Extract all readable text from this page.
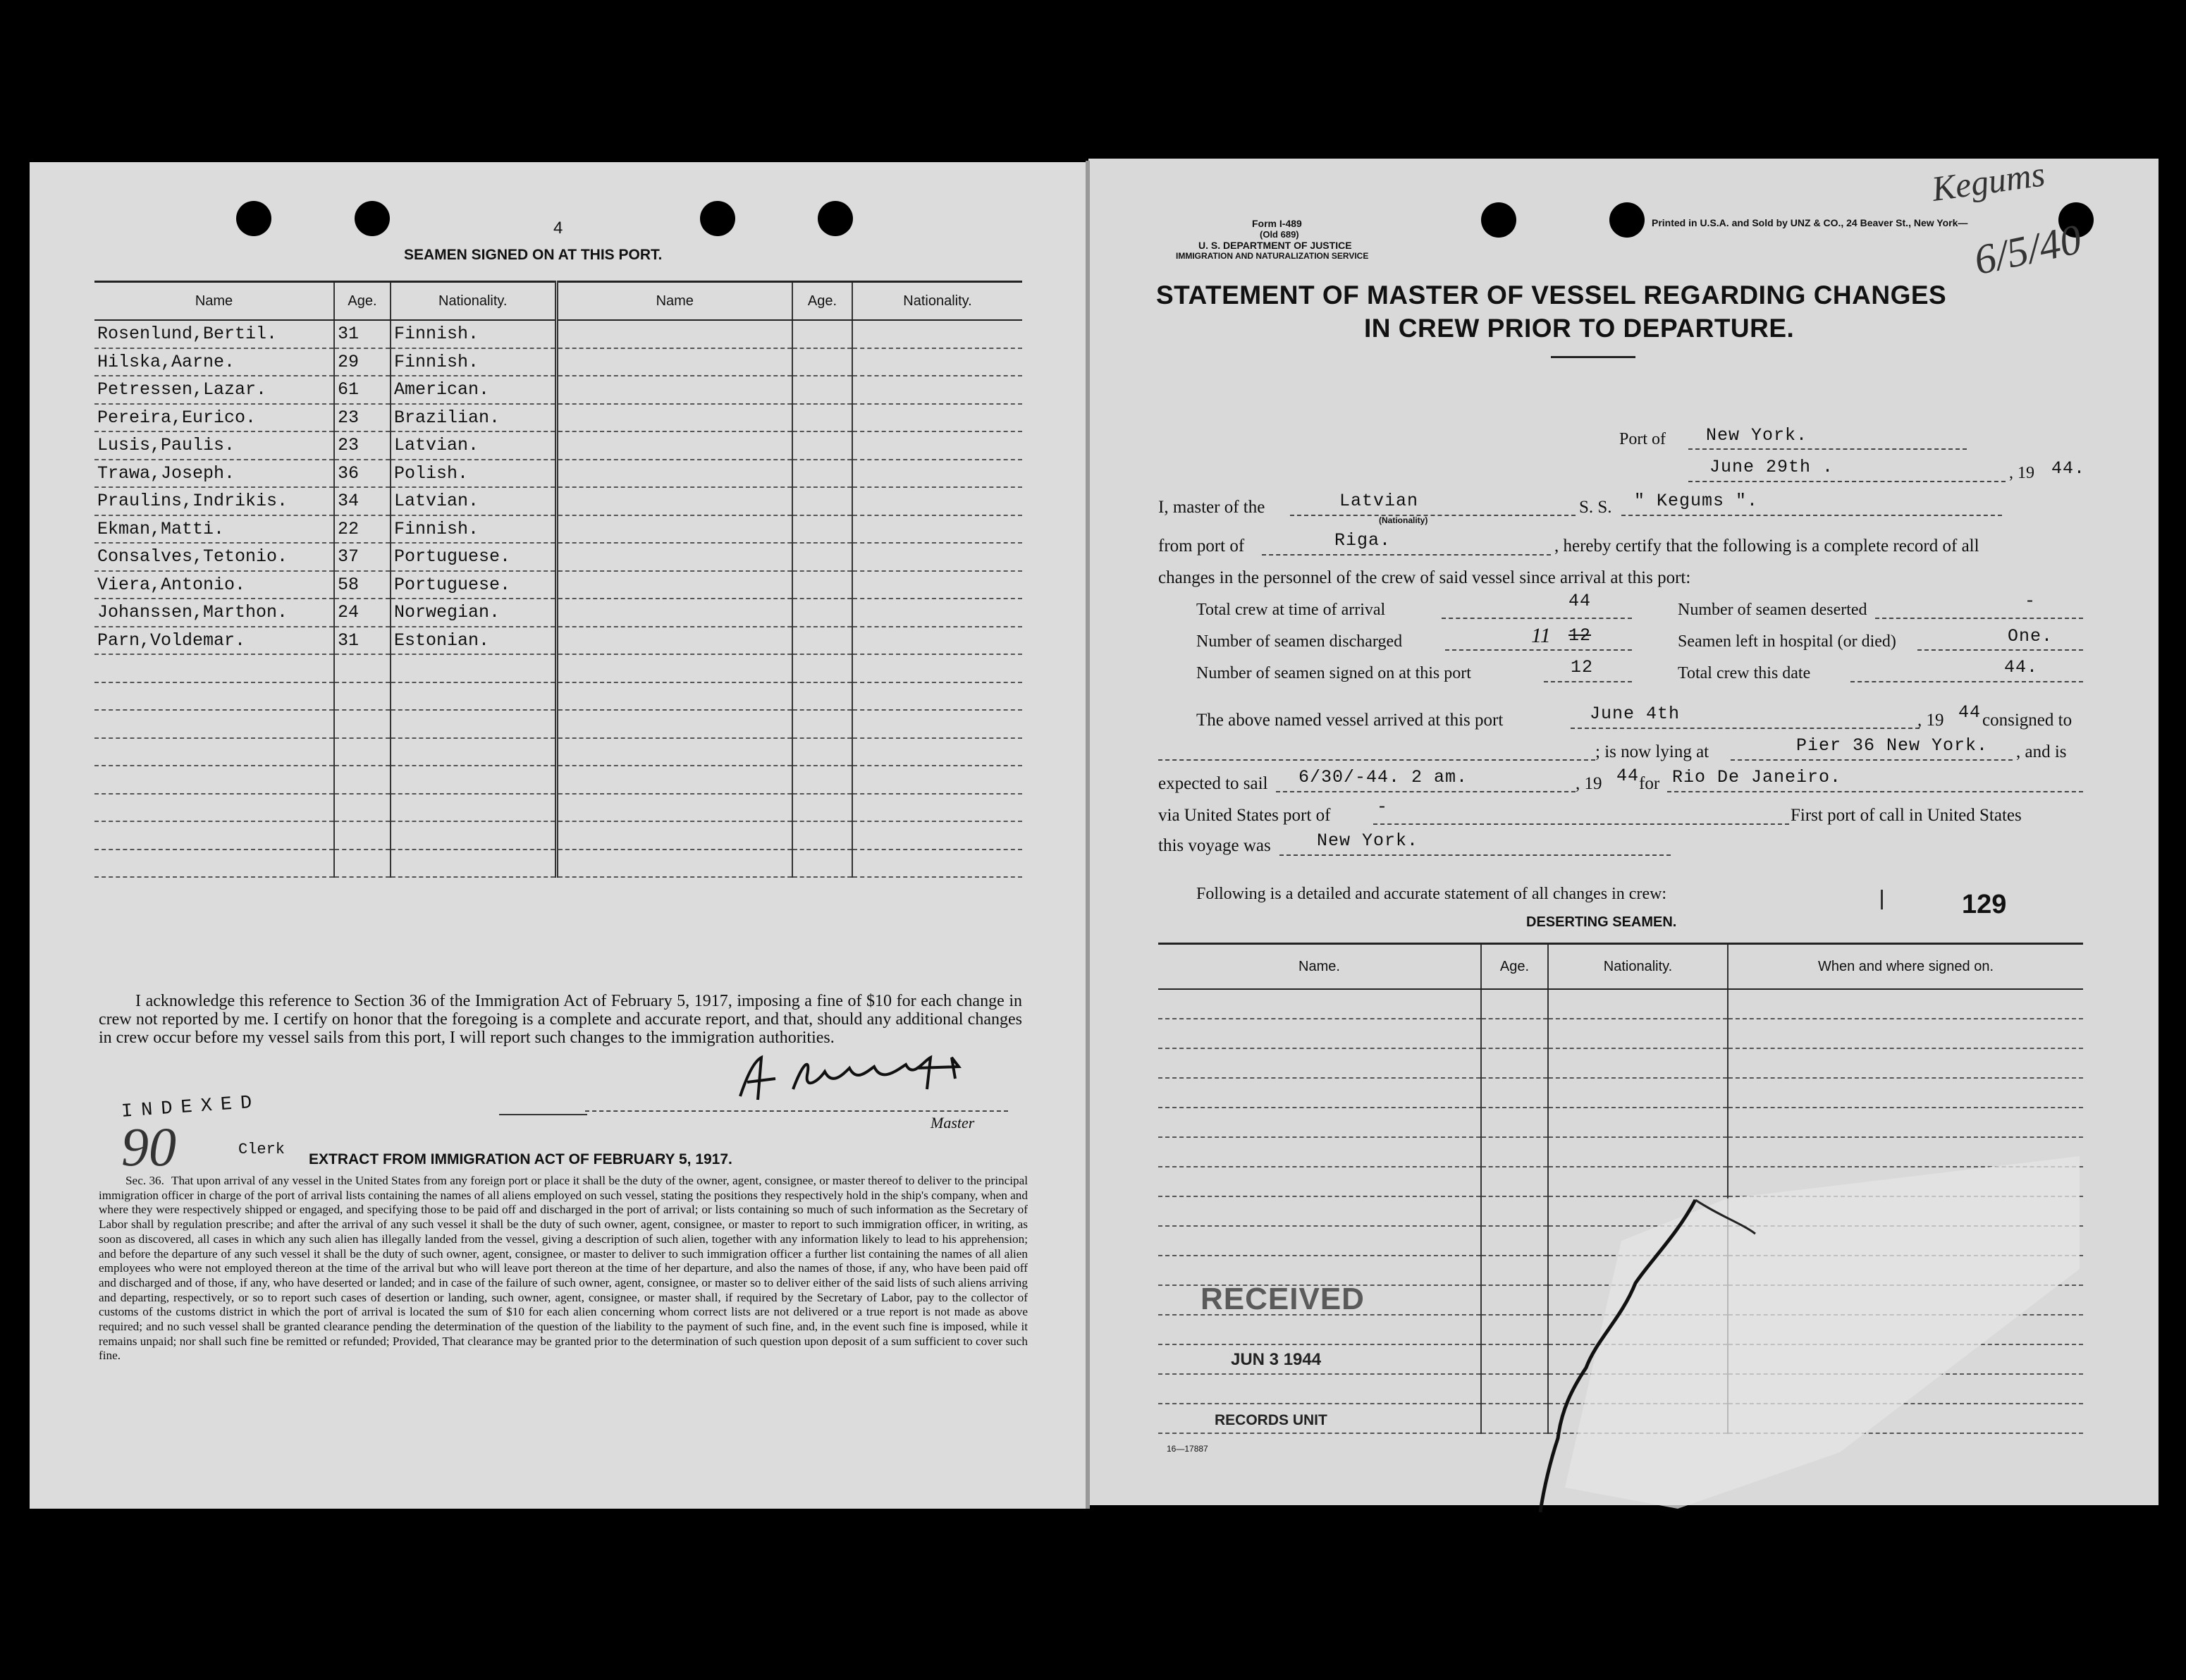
4
SEAMEN SIGNED ON AT THIS PORT.
Name	Age.	Nationality.	Name	Age.	Nationality.
Rosenlund,Bertil.	31	Finnish.			
Hilska,Aarne.	29	Finnish.			
Petressen,Lazar.	61	American.			
Pereira,Eurico.	23	Brazilian.			
Lusis,Paulis.	23	Latvian.			
Trawa,Joseph.	36	Polish.			
Praulins,Indrikis.	34	Latvian.			
Ekman,Matti.	22	Finnish.			
Consalves,Tetonio.	37	Portuguese.			
Viera,Antonio.	58	Portuguese.			
Johanssen,Marthon.	24	Norwegian.			
Parn,Voldemar.	31	Estonian.			

I acknowledge this reference to Section 36 of the Immigration Act of February 5, 1917, imposing a fine of $10 for each change in crew not reported by me. I certify on honor that the foregoing is a complete and accurate report, and that, should any additional changes in crew occur before my vessel sails from this port, I will report such changes to the immigration authorities.
Master
INDEXED
90	Clerk
EXTRACT FROM IMMIGRATION ACT OF FEBRUARY 5, 1917.
Sec. 36. That upon arrival of any vessel in the United States from any foreign port or place it shall be the duty of the owner, agent, consignee, or master thereof to deliver to the principal immigration officer in charge of the port of arrival lists containing the names of all aliens employed on such vessel, stating the positions they respectively hold in the ship's company, when and where they were respectively shipped or engaged, and specifying those to be paid off and discharged in the port of arrival; or lists containing so much of such information as the Secretary of Labor shall by regulation prescribe; and after the arrival of any such vessel it shall be the duty of such owner, agent, consignee, or master to report to such immigration officer, in writing, as soon as discovered, all cases in which any such alien has illegally landed from the vessel, giving a description of such alien, together with any information likely to lead to his apprehension; and before the departure of any such vessel it shall be the duty of such owner, agent, consignee, or master to deliver to such immigration officer a further list containing the names of all alien employees who were not employed thereon at the time of the arrival but who will leave port thereon at the time of her departure, and also the names of those, if any, who have been paid off and discharged and of those, if any, who have deserted or landed; and in case of the failure of such owner, agent, consignee, or master so to deliver either of the said lists of such aliens arriving and departing, respectively, or so to report such cases of desertion or landing, such owner, agent, consignee, or master shall, if required by the Secretary of Labor, pay to the collector of customs of the customs district in which the port of arrival is located the sum of $10 for each alien concerning whom correct lists are not delivered or a true report is not made as above required; and no such vessel shall be granted clearance pending the determination of the question of the liability to the payment of such fine, and, in the event such fine is imposed, while it remains unpaid; nor shall such fine be remitted or refunded; Provided, That clearance may be granted prior to the determination of such question upon deposit of a sum sufficient to cover such fine.
Form I-489
(Old 689)
U. S. DEPARTMENT OF JUSTICE
IMMIGRATION AND NATURALIZATION SERVICE
Printed in U.S.A. and Sold by UNZ & CO., 24 Beaver St., New York—
Kegums
6/5/40
STATEMENT OF MASTER OF VESSEL REGARDING CHANGES
IN CREW PRIOR TO DEPARTURE.
Port of New York.
June 29th .	, 19 44.
I, master of the	Latvian
(Nationality)
S. S. " Kegums ".
from port of	Riga.	, hereby certify that the following is a complete record of all
changes in the personnel of the crew of said vessel since arrival at this port:
Total crew at time of arrival	44
Number of seamen discharged	11 12
Number of seamen signed on at this port	12
Number of seamen deserted	-
Seamen left in hospital (or died)	One.
Total crew this date	44.
The above named vessel arrived at this port	June 4th	, 19 44 consigned to
; is now lying at	Pier 36 New York. , and is
expected to sail 6/30/-44. 2 am.	, 19 44 for Rio De Janeiro.
via United States port of	-	First port of call in United States
this voyage was	New York.
Following is a detailed and accurate statement of all changes in crew:	129
DESERTING SEAMEN.
Name.	Age.	Nationality.	When and where signed on.

RECEIVED
JUN 3 1944
RECORDS UNIT
16—17887
